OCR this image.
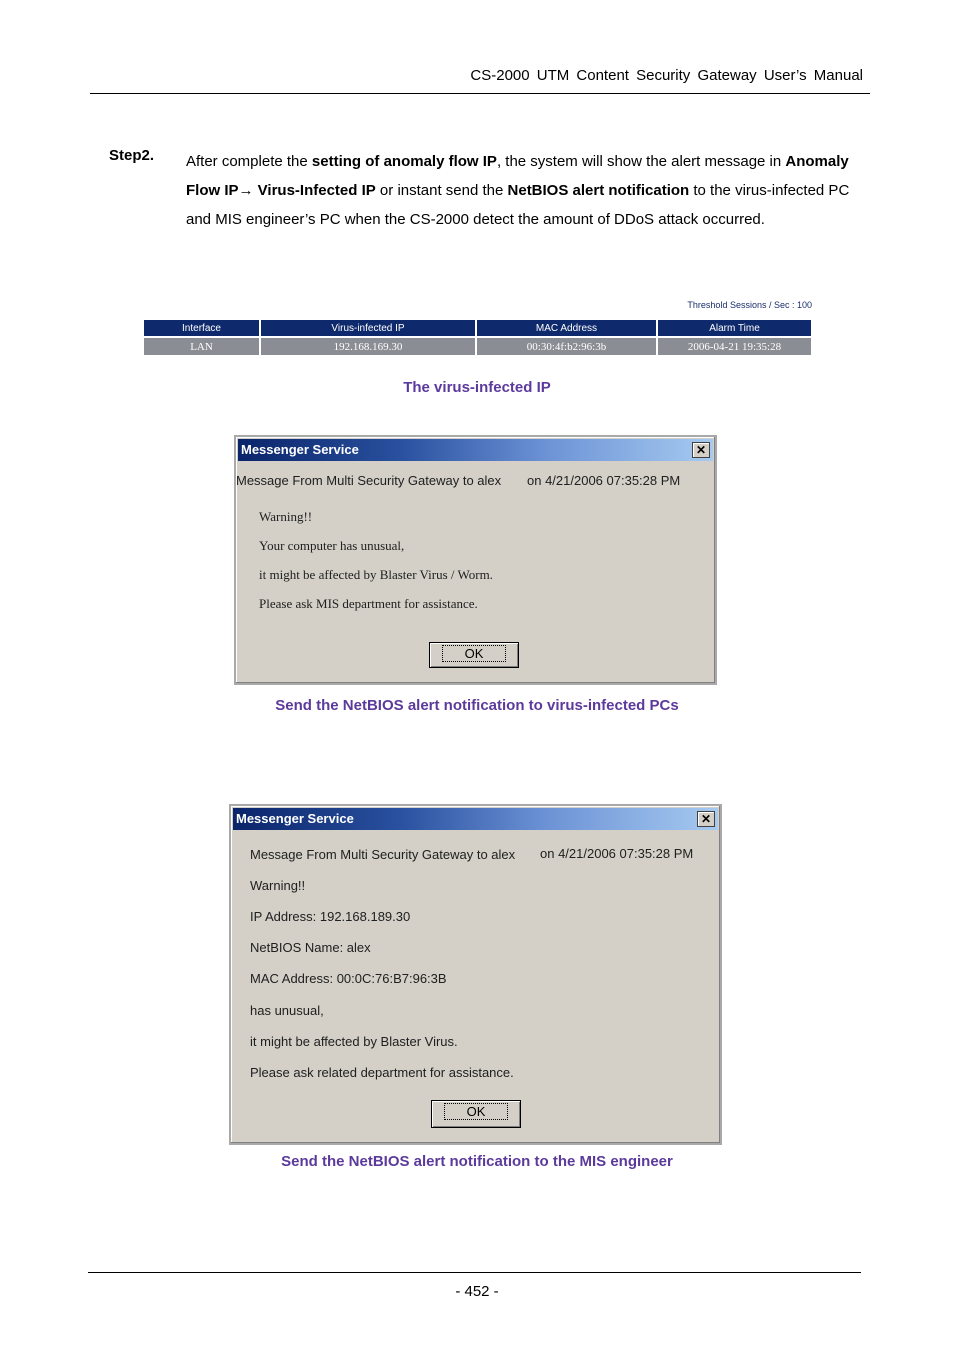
CS-2000 UTM Content Security Gateway User’s Manual
Step2. After complete the setting of anomaly flow IP, the system will show the alert message in Anomaly Flow IP→ Virus-Infected IP or instant send the NetBIOS alert notification to the virus-infected PC and MIS engineer’s PC when the CS-2000 detect the amount of DDoS attack occurred.
Threshold Sessions / Sec : 100
Interface	Virus-infected IP	MAC Address	Alarm Time
LAN	192.168.169.30	00:30:4f:b2:96:3b	2006-04-21 19:35:28
The virus-infected IP
Messenger Service	✕
Message From Multi Security Gateway to alex on 4/21/2006 07:35:28 PM
Warning!!
Your computer has unusual,
it might be affected by Blaster Virus / Worm.
Please ask MIS department for assistance.
OK
Send the NetBIOS alert notification to virus-infected PCs
Messenger Service	✕
Message From Multi Security Gateway to alex on 4/21/2006 07:35:28 PM
Warning!!
IP Address: 192.168.189.30
NetBIOS Name: alex
MAC Address: 00:0C:76:B7:96:3B
has unusual,
it might be affected by Blaster Virus.
Please ask related department for assistance.
OK
Send the NetBIOS alert notification to the MIS engineer
- 452 -
